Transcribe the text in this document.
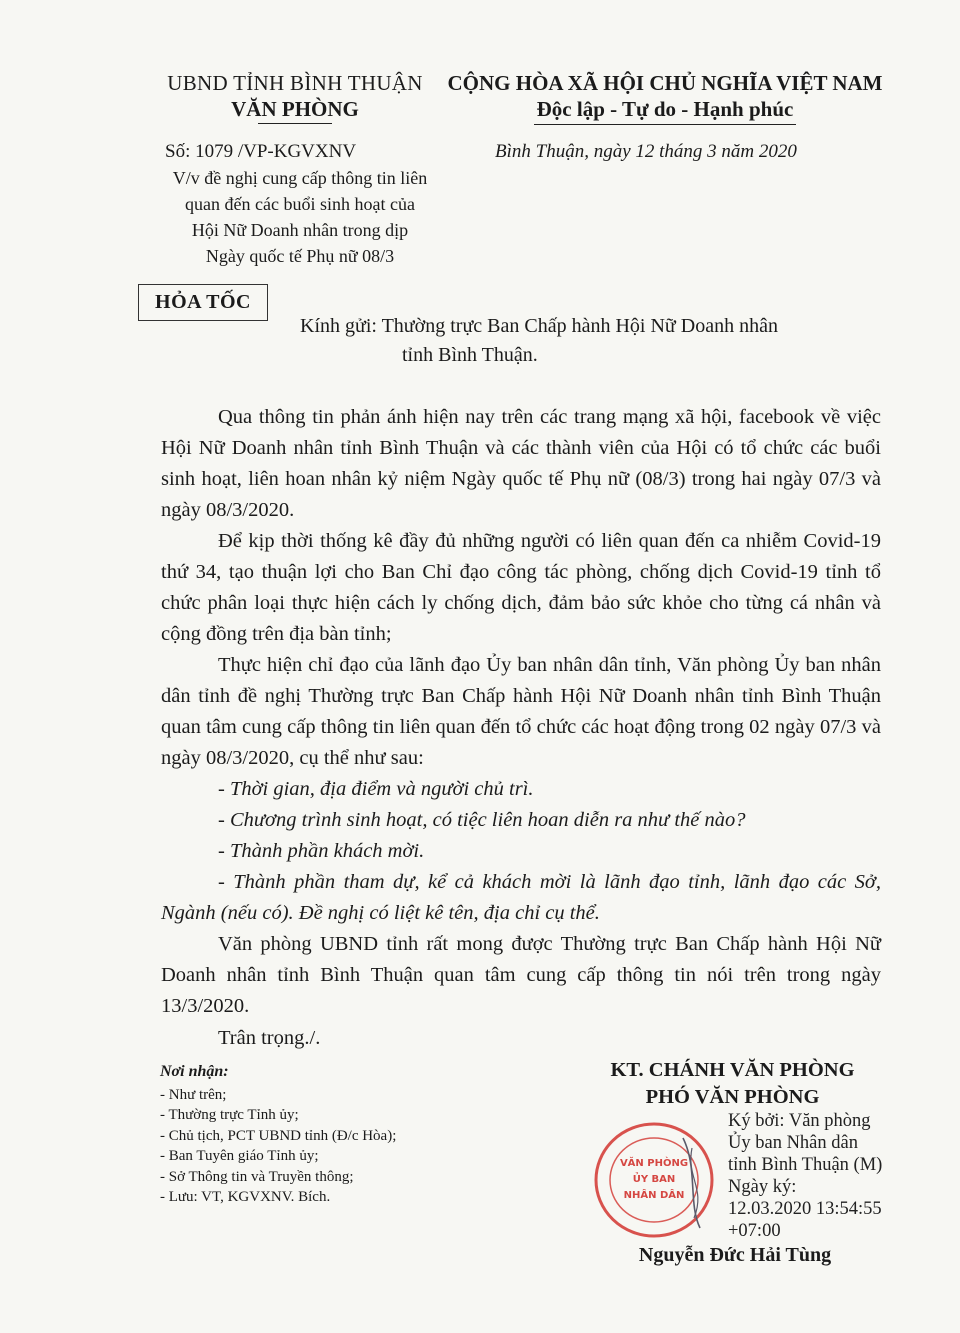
UBND TỈNH BÌNH THUẬN
VĂN PHÒNG
CỘNG HÒA XÃ HỘI CHỦ NGHĨA VIỆT NAM
Độc lập - Tự do - Hạnh phúc
Số: 1079 /VP-KGVXNV	Bình Thuận, ngày 12 tháng 3 năm 2020
V/v đề nghị cung cấp thông tin liên
quan đến các buổi sinh hoạt của
Hội Nữ Doanh nhân trong dịp
Ngày quốc tế Phụ nữ 08/3
HỎA TỐC
Kính gửi: Thường trực Ban Chấp hành Hội Nữ Doanh nhân
tỉnh Bình Thuận.

Qua thông tin phản ánh hiện nay trên các trang mạng xã hội, facebook về việc Hội Nữ Doanh nhân tỉnh Bình Thuận và các thành viên của Hội có tổ chức các buổi sinh hoạt, liên hoan nhân kỷ niệm Ngày quốc tế Phụ nữ (08/3) trong hai ngày 07/3 và ngày 08/3/2020.

Để kịp thời thống kê đầy đủ những người có liên quan đến ca nhiễm Covid-19 thứ 34, tạo thuận lợi cho Ban Chỉ đạo công tác phòng, chống dịch Covid-19 tỉnh tổ chức phân loại thực hiện cách ly chống dịch, đảm bảo sức khỏe cho từng cá nhân và cộng đồng trên địa bàn tỉnh;

Thực hiện chỉ đạo của lãnh đạo Ủy ban nhân dân tỉnh, Văn phòng Ủy ban nhân dân tỉnh đề nghị Thường trực Ban Chấp hành Hội Nữ Doanh nhân tỉnh Bình Thuận quan tâm cung cấp thông tin liên quan đến tổ chức các hoạt động trong 02 ngày 07/3 và ngày 08/3/2020, cụ thể như sau:

- Thời gian, địa điểm và người chủ trì.

- Chương trình sinh hoạt, có tiệc liên hoan diễn ra như thế nào?

- Thành phần khách mời.

- Thành phần tham dự, kể cả khách mời là lãnh đạo tỉnh, lãnh đạo các Sở, Ngành (nếu có). Đề nghị có liệt kê tên, địa chỉ cụ thể.

Văn phòng UBND tỉnh rất mong được Thường trực Ban Chấp hành Hội Nữ Doanh nhân tỉnh Bình Thuận quan tâm cung cấp thông tin nói trên trong ngày 13/3/2020.

Trân trọng./.
Nơi nhận:
- Như trên;
- Thường trực Tỉnh ủy;
- Chủ tịch, PCT UBND tỉnh (Đ/c Hòa);
- Ban Tuyên giáo Tỉnh ủy;
- Sở Thông tin và Truyền thông;
- Lưu: VT, KGVXNV. Bích.
KT. CHÁNH VĂN PHÒNG
PHÓ VĂN PHÒNG
VĂN PHÒNG
ỦY BAN
NHÂN DÂN
Ký bởi: Văn phòng
Ủy ban Nhân dân
tỉnh Bình Thuận (M)
Ngày ký:
12.03.2020 13:54:55
+07:00
Nguyễn Đức Hải Tùng
